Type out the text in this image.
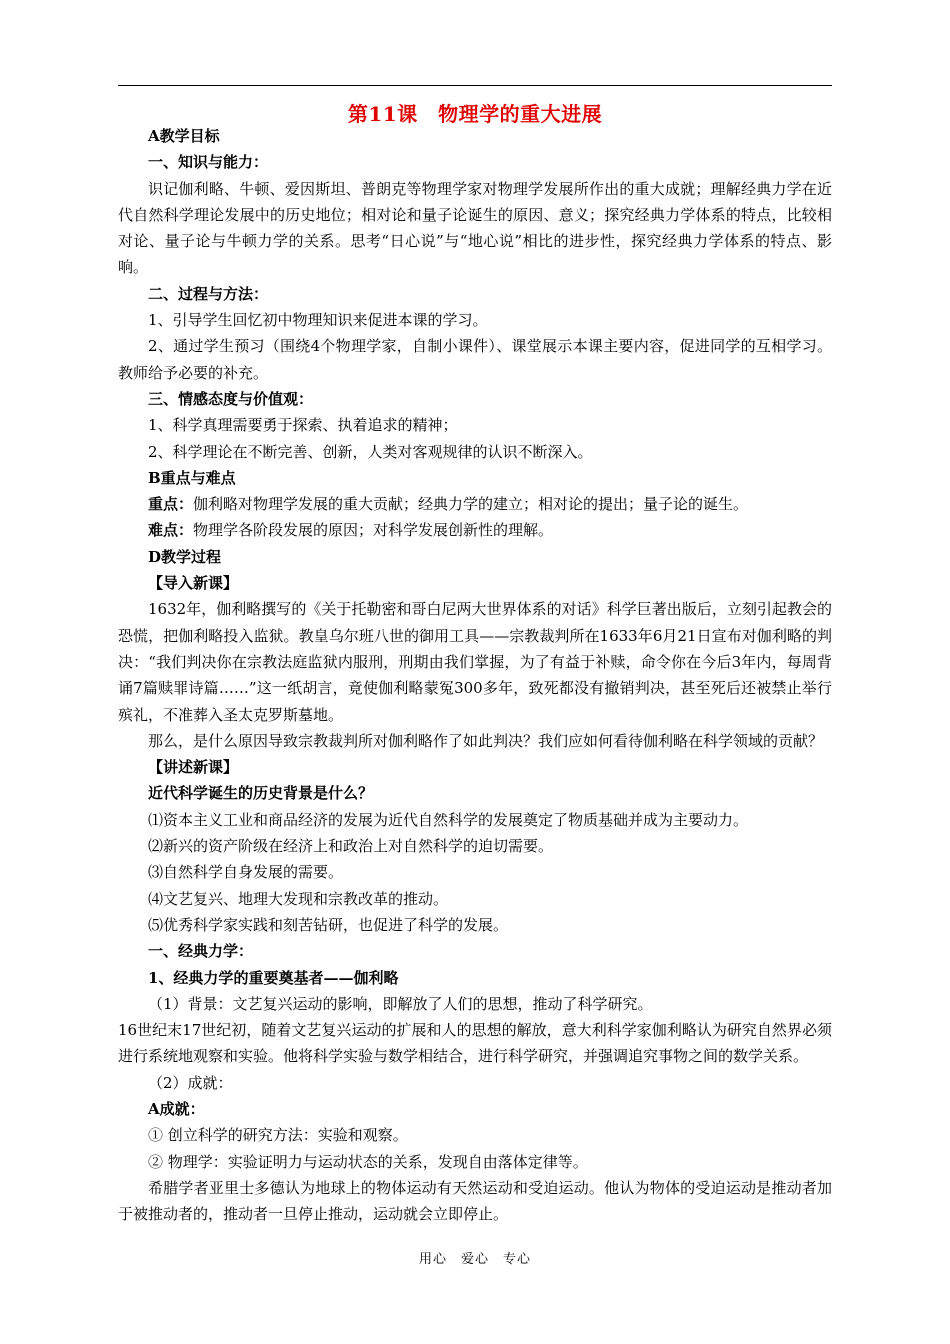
第11课　物理学的重大进展

A教学目标

一、知识与能力：

识记伽利略、牛顿、爱因斯坦、普朗克等物理学家对物理学发展所作出的重大成就；理解经典力学在近代自然科学理论发展中的历史地位；相对论和量子论诞生的原因、意义；探究经典力学体系的特点，比较相对论、量子论与牛顿力学的关系。思考“日心说”与“地心说”相比的进步性，探究经典力学体系的特点、影响。

二、过程与方法：

1、引导学生回忆初中物理知识来促进本课的学习。

2、通过学生预习（围绕4个物理学家，自制小课件）、课堂展示本课主要内容，促进同学的互相学习。教师给予必要的补充。

三、情感态度与价值观：

1、科学真理需要勇于探索、执着追求的精神；

2、科学理论在不断完善、创新，人类对客观规律的认识不断深入。

B重点与难点

重点：伽利略对物理学发展的重大贡献；经典力学的建立；相对论的提出；量子论的诞生。

难点：物理学各阶段发展的原因；对科学发展创新性的理解。

D教学过程

【导入新课】

1632年，伽利略撰写的《关于托勒密和哥白尼两大世界体系的对话》科学巨著出版后，立刻引起教会的恐慌，把伽利略投入监狱。教皇乌尔班八世的御用工具——宗教裁判所在1633年6月21日宣布对伽利略的判决：“我们判决你在宗教法庭监狱内服刑，刑期由我们掌握，为了有益于补赎，命令你在今后3年内，每周背诵7篇赎罪诗篇……”这一纸胡言，竟使伽利略蒙冤300多年，致死都没有撤销判决，甚至死后还被禁止举行殡礼，不准葬入圣太克罗斯墓地。

那么，是什么原因导致宗教裁判所对伽利略作了如此判决？我们应如何看待伽利略在科学领域的贡献？

【讲述新课】

近代科学诞生的历史背景是什么？

⑴资本主义工业和商品经济的发展为近代自然科学的发展奠定了物质基础并成为主要动力。

⑵新兴的资产阶级在经济上和政治上对自然科学的迫切需要。

⑶自然科学自身发展的需要。

⑷文艺复兴、地理大发现和宗教改革的推动。

⑸优秀科学家实践和刻苦钻研，也促进了科学的发展。

一、经典力学：

1、经典力学的重要奠基者——伽利略

（1）背景：文艺复兴运动的影响，即解放了人们的思想，推动了科学研究。

16世纪末17世纪初，随着文艺复兴运动的扩展和人的思想的解放，意大利科学家伽利略认为研究自然界必须进行系统地观察和实验。他将科学实验与数学相结合，进行科学研究，并强调追究事物之间的数学关系。

（2）成就：

A成就：

① 创立科学的研究方法：实验和观察。

② 物理学：实验证明力与运动状态的关系，发现自由落体定律等。

希腊学者亚里士多德认为地球上的物体运动有天然运动和受迫运动。他认为物体的受迫运动是推动者加于被推动者的，推动者一旦停止推动，运动就会立即停止。

用心　爱心　专心
